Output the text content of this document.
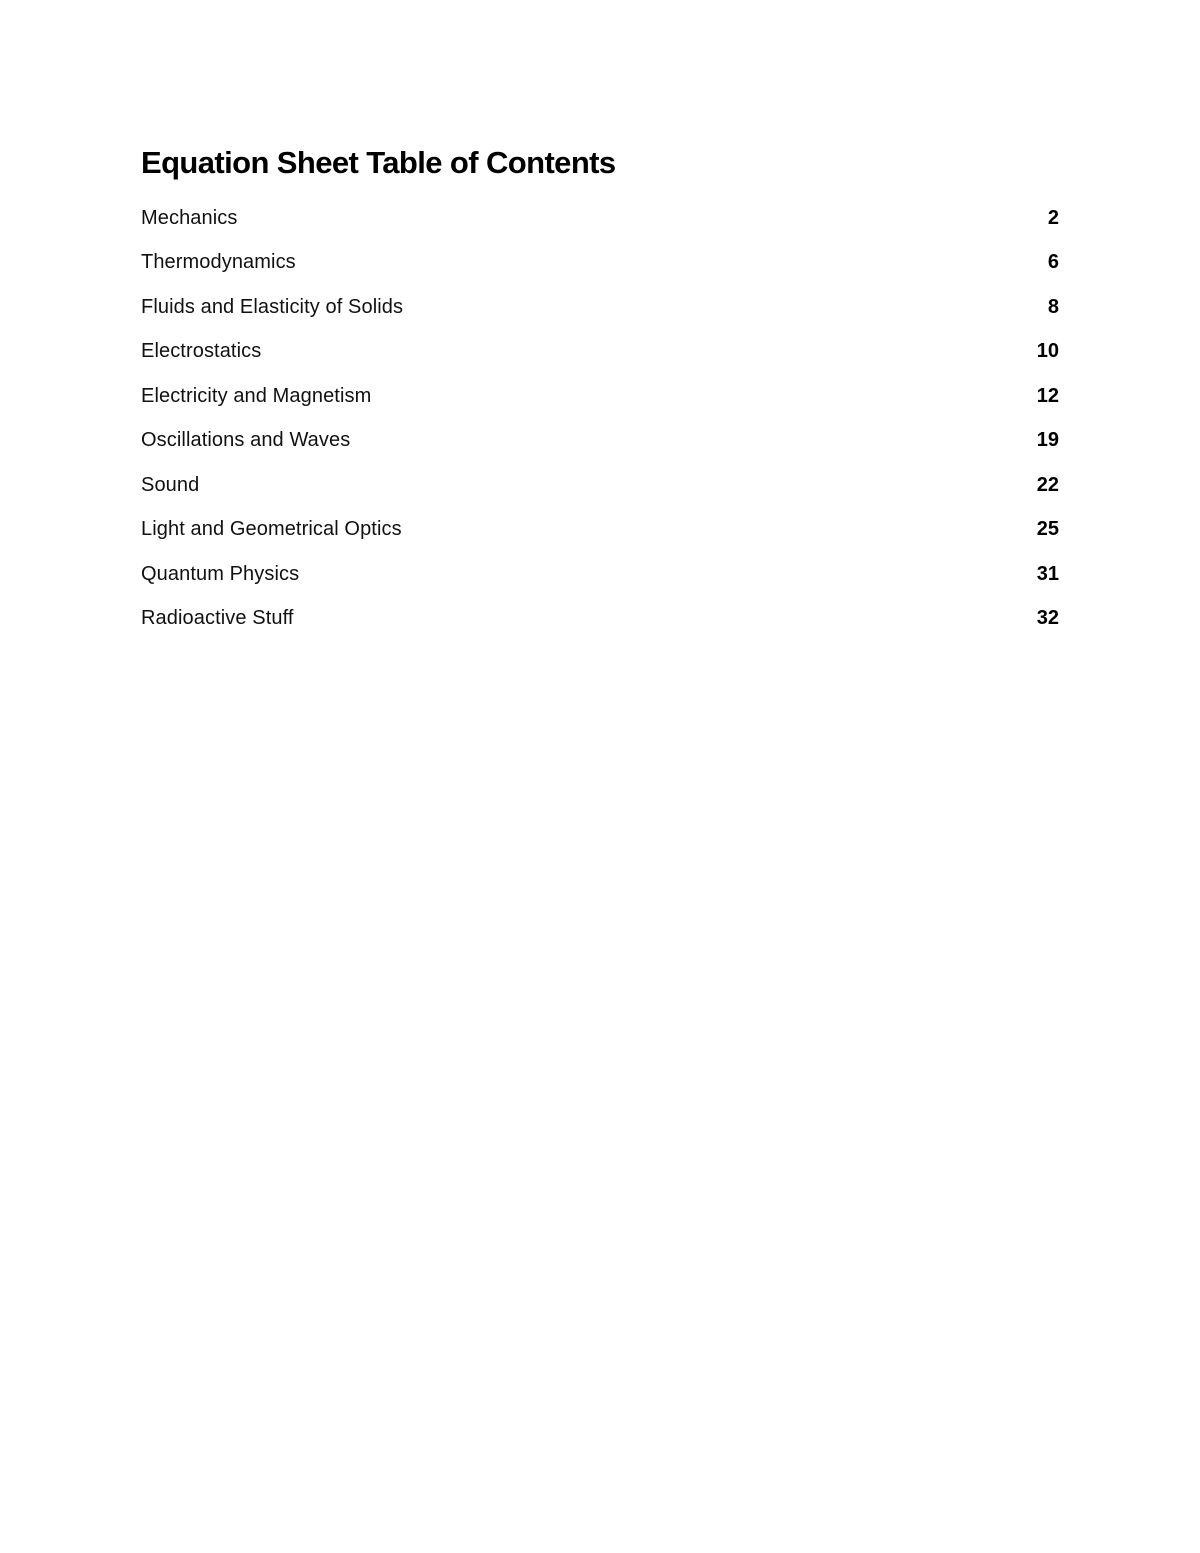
Equation Sheet Table of Contents
Mechanics	2
Thermodynamics	6
Fluids and Elasticity of Solids	8
Electrostatics	10
Electricity and Magnetism	12
Oscillations and Waves	19
Sound	22
Light and Geometrical Optics	25
Quantum Physics	31
Radioactive Stuff	32
